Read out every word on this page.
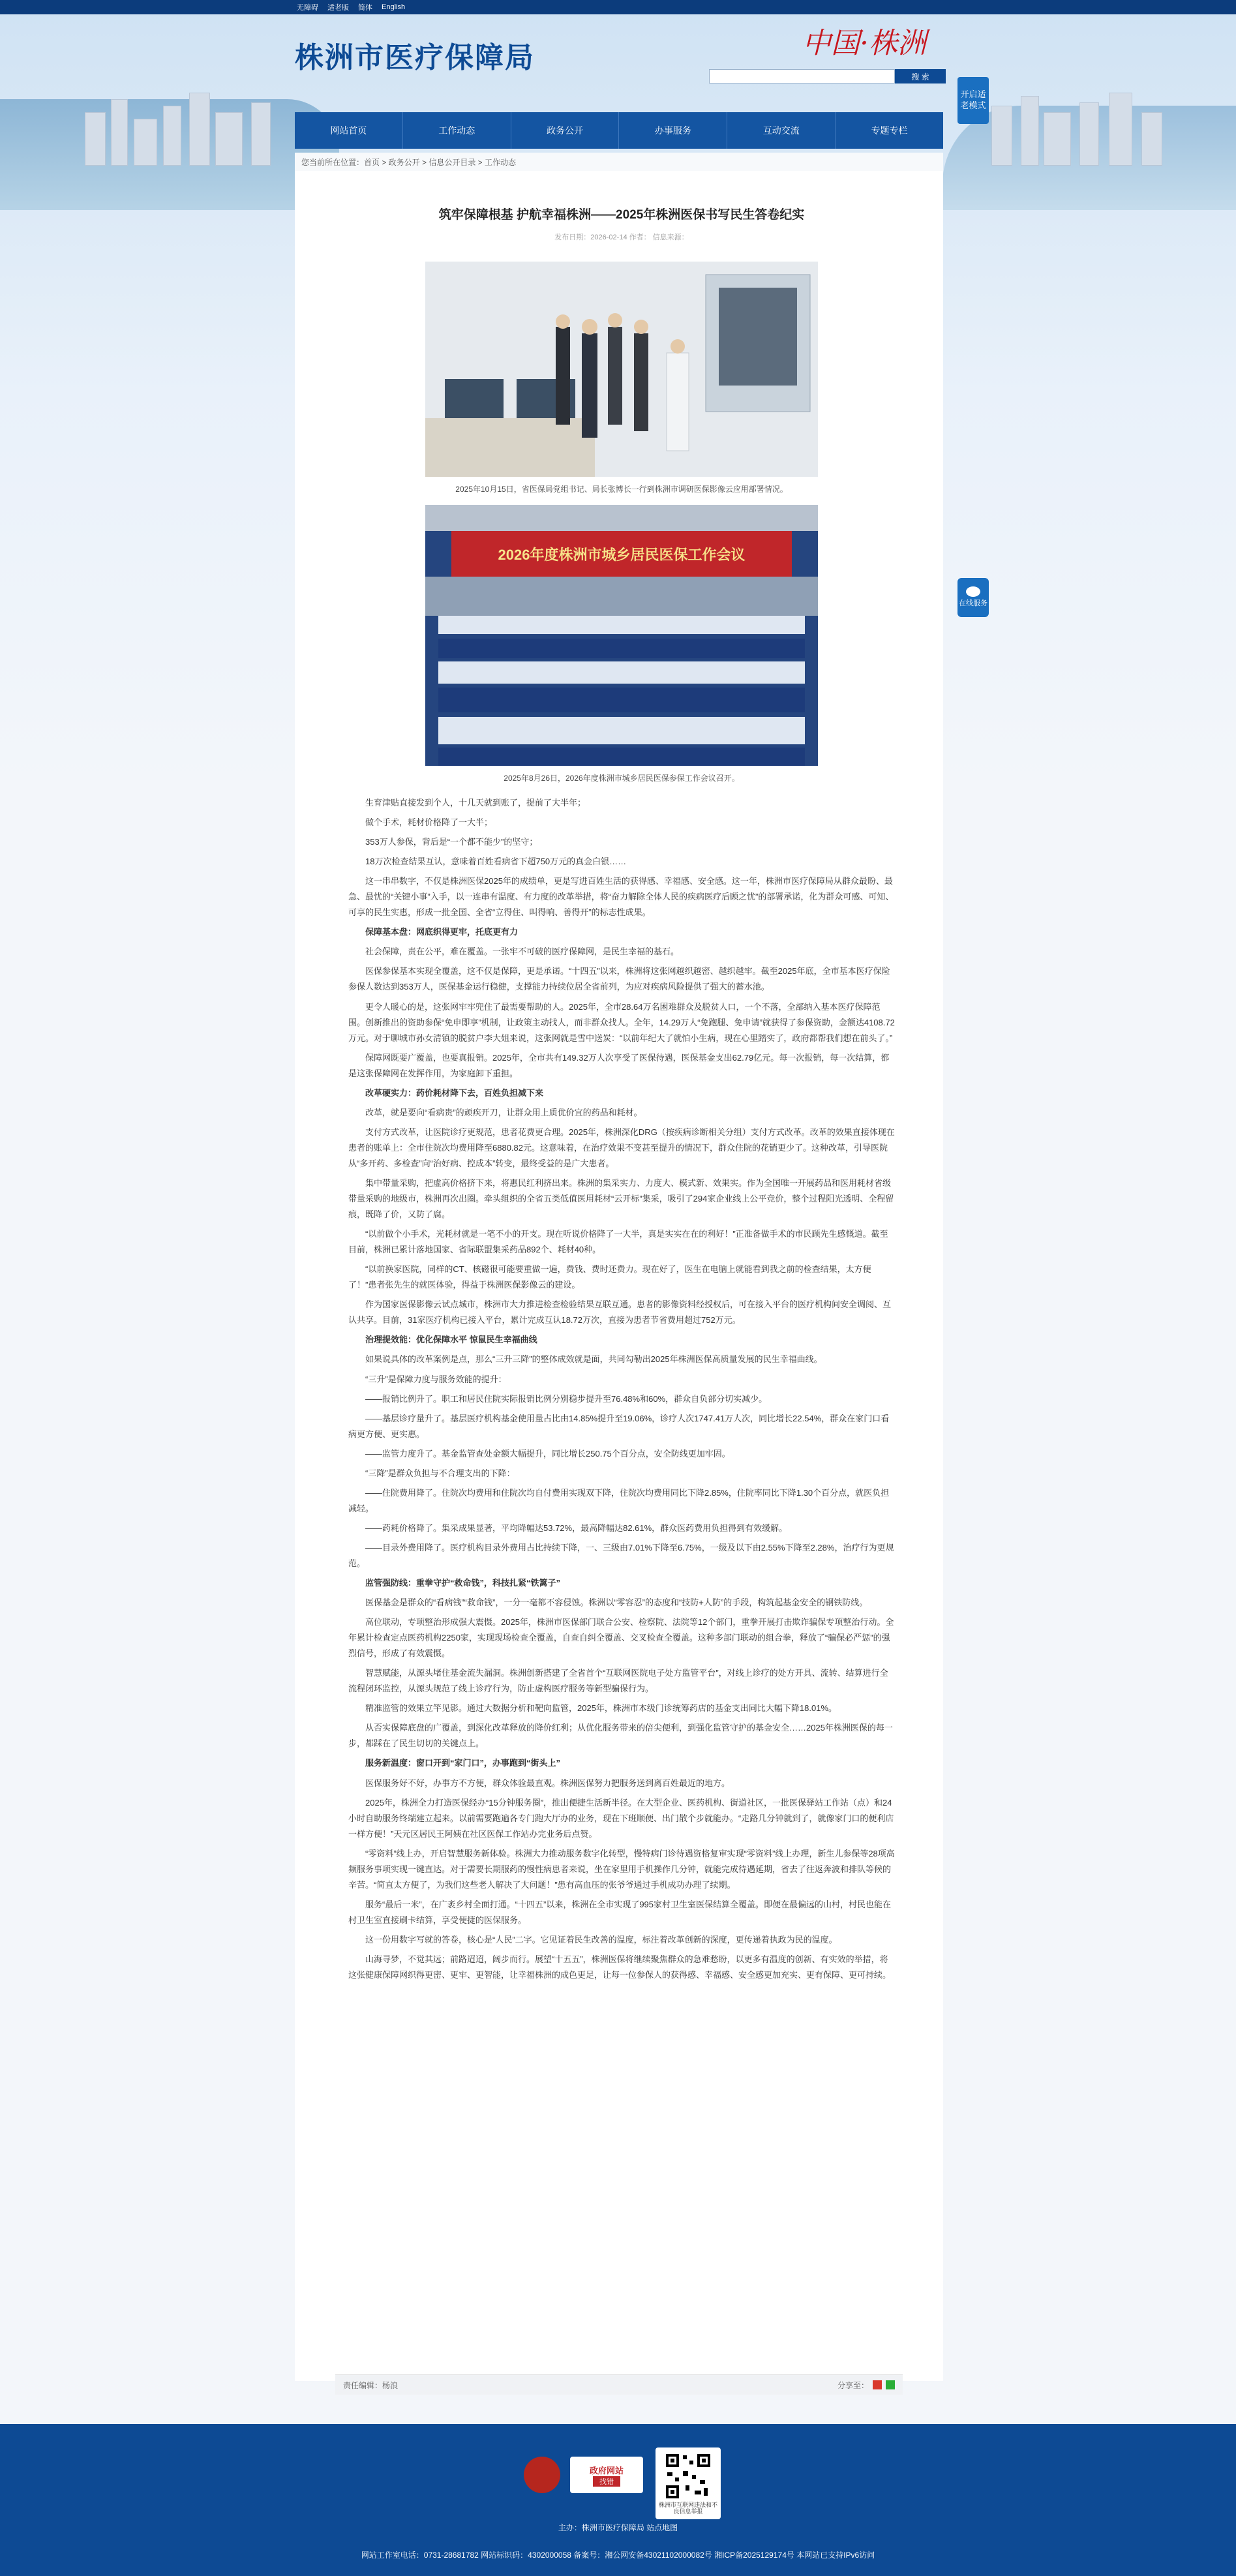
无障碍 适老版 简体 English
株洲市医疗保障局	中国·株洲
搜 索
开启适老模式
在线服务
网站首页	工作动态	政务公开	办事服务	互动交流	专题专栏
您当前所在位置：首页 > 政务公开 > 信息公开目录 > 工作动态
筑牢保障根基 护航幸福株洲——2025年株洲医保书写民生答卷纪实
发布日期：2026-02-14 作者： 信息来源：
2025年10月15日，省医保局党组书记、局长张博长一行到株洲市调研医保影像云应用部署情况。
2026年度株洲市城乡居民医保工作会议
2025年8月26日，2026年度株洲市城乡居民医保参保工作会议召开。

生育津贴直接发到个人，十几天就到账了，提前了大半年；

做个手术，耗材价格降了一大半；

353万人参保，背后是“一个都不能少”的坚守；

18万次检查结果互认，意味着百姓看病省下超750万元的真金白银……

这一串串数字，不仅是株洲医保2025年的成绩单，更是写进百姓生活的获得感、幸福感、安全感。这一年，株洲市医疗保障局从群众最盼、最急、最忧的“关键小事”入手，以一连串有温度、有力度的改革举措，将“奋力解除全体人民的疾病医疗后顾之忧”的部署承诺，化为群众可感、可知、可享的民生实惠，形成一批全国、全省“立得住、叫得响、善得开”的标志性成果。

保障基本盘：网底织得更牢，托底更有力

社会保障，责在公平，难在覆盖。一张牢不可破的医疗保障网，是民生幸福的基石。

医保参保基本实现全覆盖，这不仅是保障，更是承诺。“十四五”以来，株洲将这张网越织越密、越织越牢。截至2025年底，全市基本医疗保险参保人数达到353万人，医保基金运行稳健，支撑能力持续位居全省前列，为应对疾病风险提供了强大的蓄水池。

更令人暖心的是，这张网牢牢兜住了最需要帮助的人。2025年，全市28.64万名困难群众及脱贫人口，一个不落，全部纳入基本医疗保障范围。创新推出的资助参保“免申即享”机制，让政策主动找人，而非群众找人。全年，14.29万人“免跑腿、免申请”就获得了参保资助，金额达4108.72万元。对于聊城市孙女清镇的脱贫户李大姐来说，这张网就是雪中送炭：“以前年纪大了就怕小生病，现在心里踏实了，政府都帮我们想在前头了。”

保障网既要广覆盖，也要真报销。2025年，全市共有149.32万人次享受了医保待遇，医保基金支出62.79亿元。每一次报销，每一次结算，都是这张保障网在发挥作用，为家庭卸下重担。

改革硬实力：药价耗材降下去，百姓负担减下来

改革，就是要向“看病贵”的顽疾开刀，让群众用上质优价宜的药品和耗材。

支付方式改革，让医院诊疗更规范，患者花费更合理。2025年，株洲深化DRG（按疾病诊断相关分组）支付方式改革。改革的效果直接体现在患者的账单上：全市住院次均费用降至6880.82元。这意味着，在治疗效果不变甚至提升的情况下，群众住院的花销更少了。这种改革，引导医院从“多开药、多检查”向“治好病、控成本”转变，最终受益的是广大患者。

集中带量采购，把虚高价格挤下来，将惠民红利挤出来。株洲的集采实力、力度大、模式新、效果实。作为全国唯一开展药品和医用耗材省级带量采购的地级市，株洲再次出圈。牵头组织的全省五类低值医用耗材“云开标”集采，吸引了294家企业线上公平竞价，整个过程阳光透明、全程留痕，既降了价，又防了腐。

“以前做个小手术，光耗材就是一笔不小的开支。现在听说价格降了一大半，真是实实在在的利好！”正准备做手术的市民顾先生感慨道。截至目前，株洲已累计落地国家、省际联盟集采药品892个、耗材40种。

“以前换家医院，同样的CT、核磁很可能要重做一遍，费钱、费时还费力。现在好了，医生在电脑上就能看到我之前的检查结果，太方便了！”患者张先生的就医体验，得益于株洲医保影像云的建设。

作为国家医保影像云试点城市，株洲市大力推进检查检验结果互联互通。患者的影像资料经授权后，可在接入平台的医疗机构间安全调阅、互认共享。目前，31家医疗机构已接入平台，累计完成互认18.72万次，直接为患者节省费用超过752万元。

治理提效能：优化保障水平 惊鼠民生幸福曲线

如果说具体的改革案例是点，那么“三升三降”的整体成效就是面，共同勾勒出2025年株洲医保高质量发展的民生幸福曲线。

“三升”是保障力度与服务效能的提升：

——报销比例升了。职工和居民住院实际报销比例分别稳步提升至76.48%和60%，群众自负部分切实减少。

——基层诊疗量升了。基层医疗机构基金使用量占比由14.85%提升至19.06%，诊疗人次1747.41万人次，同比增长22.54%，群众在家门口看病更方便、更实惠。

——监管力度升了。基金监管查处金额大幅提升，同比增长250.75个百分点，安全防线更加牢固。

“三降”是群众负担与不合理支出的下降：

——住院费用降了。住院次均费用和住院次均自付费用实现双下降，住院次均费用同比下降2.85%，住院率同比下降1.30个百分点，就医负担减轻。

——药耗价格降了。集采成果显著，平均降幅达53.72%，最高降幅达82.61%，群众医药费用负担得到有效缓解。

——目录外费用降了。医疗机构目录外费用占比持续下降，一、三级由7.01%下降至6.75%，一级及以下由2.55%下降至2.28%，治疗行为更规范。

监管强防线：重拳守护“救命钱”，科技扎紧“铁篱子”

医保基金是群众的“看病钱”“救命钱”，一分一毫都不容侵蚀。株洲以“零容忍”的态度和“技防+人防”的手段，构筑起基金安全的钢铁防线。

高位联动，专项整治形成强大震慑。2025年，株洲市医保部门联合公安、检察院、法院等12个部门，重拳开展打击欺诈骗保专项整治行动。全年累计检查定点医药机构2250家，实现现场检查全覆盖，自查自纠全覆盖、交叉检查全覆盖。这种多部门联动的组合拳，释放了“骗保必严惩”的强烈信号，形成了有效震慑。

智慧赋能，从源头堵住基金流失漏洞。株洲创新搭建了全省首个“互联网医院电子处方监管平台”，对线上诊疗的处方开具、流转、结算进行全流程闭环监控，从源头规范了线上诊疗行为，防止虚构医疗服务等新型骗保行为。

精准监管的效果立竿见影。通过大数据分析和靶向监管，2025年，株洲市本级门诊统筹药店的基金支出同比大幅下降18.01%。

从否实保障底盘的广覆盖，到深化改革释放的降价红利；从优化服务带来的倍尖便利，到强化监管守护的基金安全……2025年株洲医保的每一步，都踩在了民生切切的关键点上。

服务新温度：窗口开到“家门口”，办事跑到“街头上”

医保服务好不好，办事方不方便，群众体验最直观。株洲医保努力把服务送到离百姓最近的地方。

2025年，株洲全力打造医保经办“15分钟服务圈”，推出便捷生活新半径。在大型企业、医药机构、街道社区，一批医保驿站工作站（点）和24小时自助服务终端建立起来。以前需要跑遍各专门跑大厅办的业务，现在下班顺便、出门散个步就能办。“走路几分钟就到了，就像家门口的便利店一样方便！”天元区居民王阿姨在社区医保工作站办完业务后点赞。

“零资料”线上办，开启智慧服务新体验。株洲大力推动服务数字化转型，慢特病门诊待遇资格复审实现“零资料”线上办理，新生儿参保等28项高频服务事项实现一键直达。对于需要长期服药的慢性病患者来说，坐在家里用手机操作几分钟，就能完成待遇延期，省去了往返奔波和排队等候的辛苦。“简直太方便了，为我们这些老人解决了大问题！”患有高血压的张爷爷通过手机成功办理了续期。

服务“最后一米”，在广袤乡村全面打通。“十四五”以来，株洲在全市实现了995家村卫生室医保结算全覆盖。即便在最偏远的山村，村民也能在村卫生室直接刷卡结算，享受便捷的医保服务。

这一份用数字写就的答卷，核心是“人民”二字。它见证着民生改善的温度，标注着改革创新的深度，更传递着执政为民的温度。

山海寻梦，不觉其远；前路迢迢，阔步而行。展望“十五五”，株洲医保将继续聚焦群众的急难愁盼，以更多有温度的创新、有实效的举措，将这张健康保障网织得更密、更牢、更智能，让幸福株洲的成色更足，让每一位参保人的获得感、幸福感、安全感更加充实、更有保障、更可持续。

责任编辑：杨浪	分享至：
政府网站
找错
株洲市互联网违法和不良信息举报
主办：株洲市医疗保障局 站点地图
网站工作室电话：0731-28681782 网站标识码：4302000058 备案号：湘公网安备43021102000082号 湘ICP备2025129174号 本网站已支持IPv6访问
